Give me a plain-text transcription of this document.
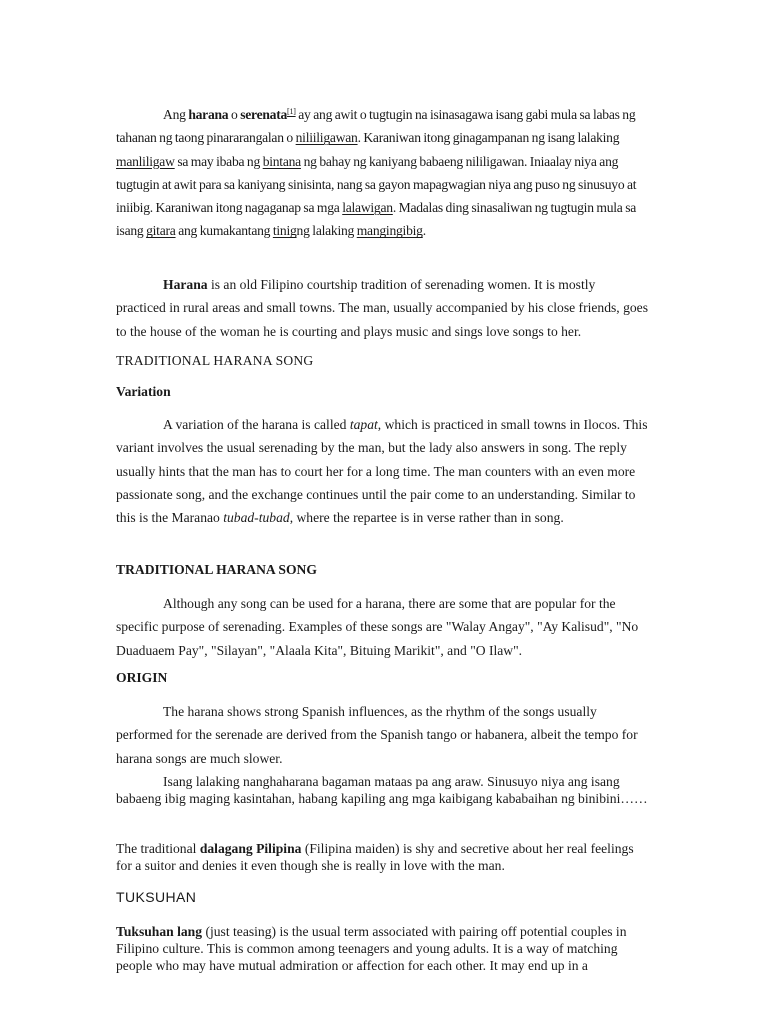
Ang harana o serenata[1] ay ang awit o tugtugin na isinasagawa isang gabi mula sa labas ng tahanan ng taong pinararangalan o niliiligawan. Karaniwan itong ginagampanan ng isang lalaking manliligaw sa may ibaba ng bintana ng bahay ng kaniyang babaeng nililigawan. Iniaalay niya ang tugtugin at awit para sa kaniyang sinisinta, nang sa gayon mapagwagian niya ang puso ng sinusuyo at iniibig. Karaniwan itong nagaganap sa mga lalawigan. Madalas ding sinasaliwan ng tugtugin mula sa isang gitara ang kumakantang tinigng lalaking mangingibig.

Harana is an old Filipino courtship tradition of serenading women. It is mostly practiced in rural areas and small towns. The man, usually accompanied by his close friends, goes to the house of the woman he is courting and plays music and sings love songs to her.

TRADITIONAL HARANA SONG

Variation

A variation of the harana is called tapat, which is practiced in small towns in Ilocos. This variant involves the usual serenading by the man, but the lady also answers in song. The reply usually hints that the man has to court her for a long time. The man counters with an even more passionate song, and the exchange continues until the pair come to an understanding. Similar to this is the Maranao tubad-tubad, where the repartee is in verse rather than in song.

TRADITIONAL HARANA SONG

Although any song can be used for a harana, there are some that are popular for the specific purpose of serenading. Examples of these songs are "Walay Angay", "Ay Kalisud", "No Duaduaem Pay", "Silayan", "Alaala Kita", Bituing Marikit", and "O Ilaw".

ORIGIN

The harana shows strong Spanish influences, as the rhythm of the songs usually performed for the serenade are derived from the Spanish tango or habanera, albeit the tempo for harana songs are much slower.

Isang lalaking nanghaharana bagaman mataas pa ang araw. Sinusuyo niya ang isang babaeng ibig maging kasintahan, habang kapiling ang mga kaibigang kababaihan ng binibini……

The traditional dalagang Pilipina (Filipina maiden) is shy and secretive about her real feelings for a suitor and denies it even though she is really in love with the man.

TUKSUHAN

Tuksuhan lang (just teasing) is the usual term associated with pairing off potential couples in Filipino culture. This is common among teenagers and young adults. It is a way of matching people who may have mutual admiration or affection for each other. It may end up in a
